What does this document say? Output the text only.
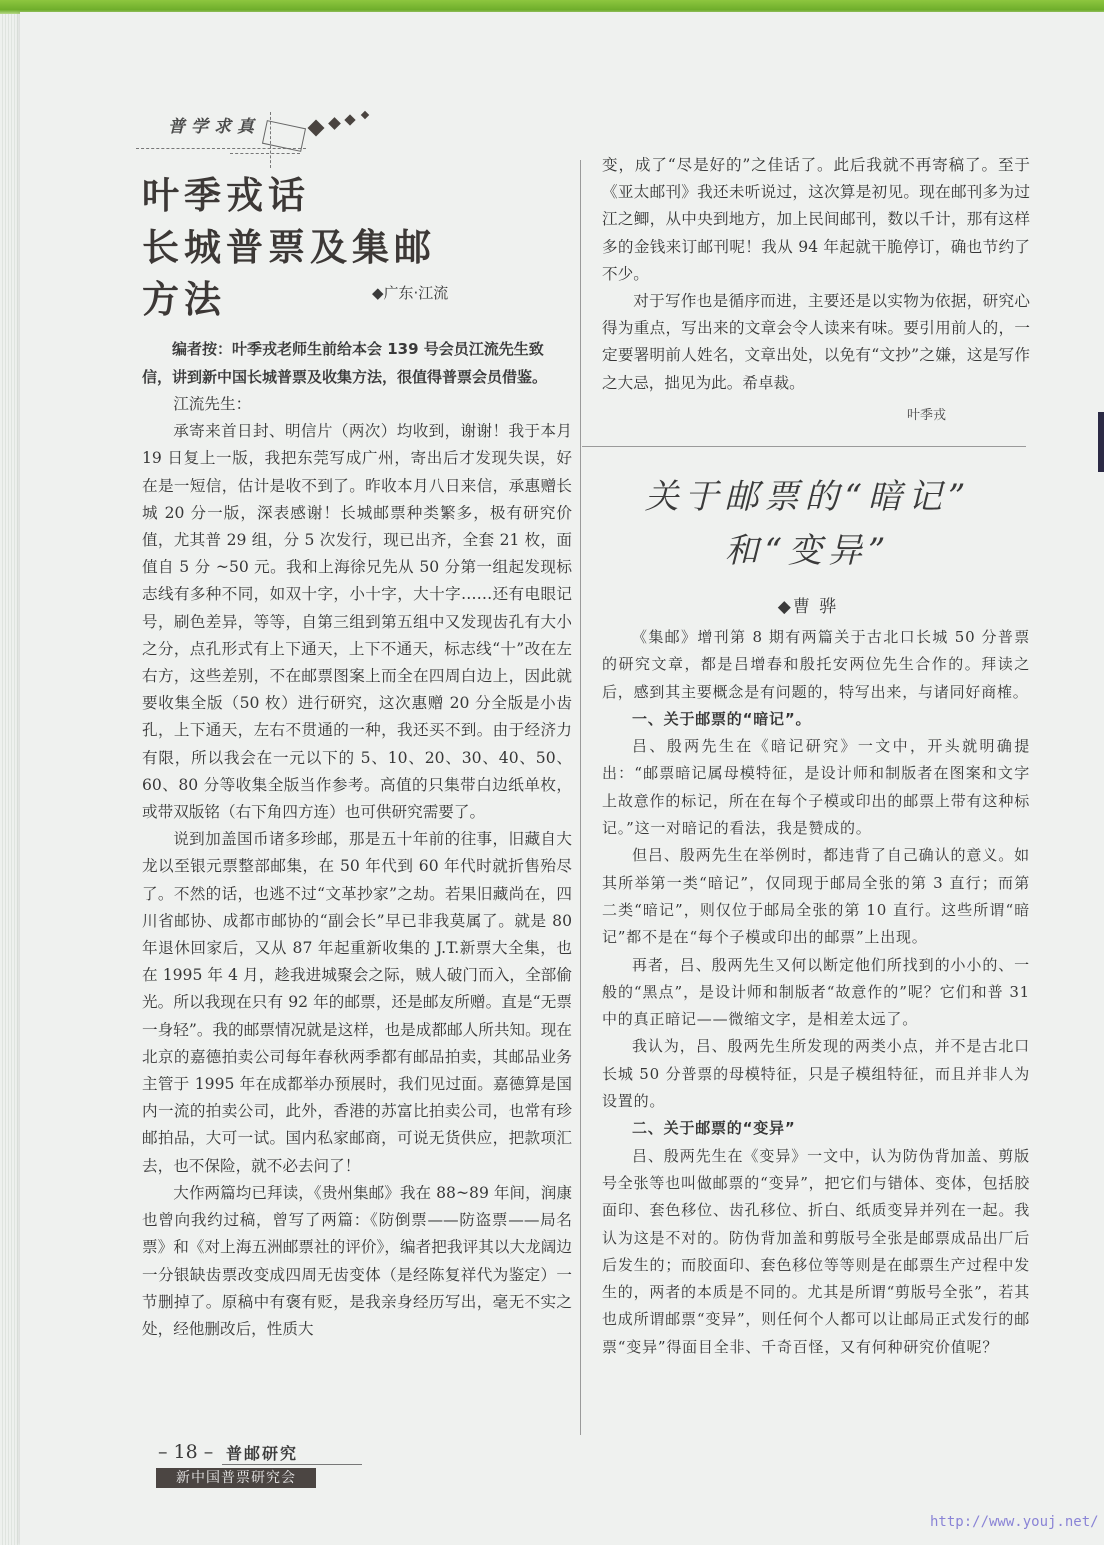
普学求真
叶季戎话
长城普票及集邮
方法	◆广东·江流
编者按：叶季戎老师生前给本会 139 号会员江流先生致信，讲到新中国长城普票及收集方法，很值得普票会员借鉴。

江流先生：

承寄来首日封、明信片（两次）均收到，谢谢！我于本月 19 日复上一版，我把东莞写成广州，寄出后才发现失误，好在是一短信，估计是收不到了。昨收本月八日来信，承惠赠长城 20 分一版，深表感谢！长城邮票种类繁多，极有研究价值，尤其普 29 组，分 5 次发行，现已出齐，全套 21 枚，面值自 5 分 ~50 元。我和上海徐兄先从 50 分第一组起发现标志线有多种不同，如双十字，小十字，大十字……还有电眼记号，刷色差异，等等，自第三组到第五组中又发现齿孔有大小之分，点孔形式有上下通天，上下不通天，标志线“十”改在左右方，这些差别，不在邮票图案上而全在四周白边上，因此就要收集全版（50 枚）进行研究，这次惠赠 20 分全版是小齿孔，上下通天，左右不贯通的一种，我还买不到。由于经济力有限，所以我会在一元以下的 5、10、20、30、40、50、60、80 分等收集全版当作参考。高值的只集带白边纸单枚，或带双版铭（右下角四方连）也可供研究需要了。

说到加盖国币诸多珍邮，那是五十年前的往事，旧藏自大龙以至银元票整部邮集，在 50 年代到 60 年代时就折售殆尽了。不然的话，也逃不过“文革抄家”之劫。若果旧藏尚在，四川省邮协、成都市邮协的“副会长”早已非我莫属了。就是 80 年退休回家后，又从 87 年起重新收集的 J.T.新票大全集，也在 1995 年 4 月，趁我进城聚会之际，贼人破门而入，全部偷光。所以我现在只有 92 年的邮票，还是邮友所赠。直是“无票一身轻”。我的邮票情况就是这样，也是成都邮人所共知。现在北京的嘉德拍卖公司每年春秋两季都有邮品拍卖，其邮品业务主管于 1995 年在成都举办预展时，我们见过面。嘉德算是国内一流的拍卖公司，此外，香港的苏富比拍卖公司，也常有珍邮拍品，大可一试。国内私家邮商，可说无货供应，把款项汇去，也不保险，就不必去问了！

大作两篇均已拜读，《贵州集邮》我在 88~89 年间，润康也曾向我约过稿，曾写了两篇：《防倒票——防盗票——局名票》和《对上海五洲邮票社的评价》，编者把我评其以大龙阔边一分银缺齿票改变成四周无齿变体（是经陈复祥代为鉴定）一节删掉了。原稿中有褒有贬，是我亲身经历写出，毫无不实之处，经他删改后，性质大

变，成了“尽是好的”之佳话了。此后我就不再寄稿了。至于《亚太邮刊》我还未听说过，这次算是初见。现在邮刊多为过江之鲫，从中央到地方，加上民间邮刊，数以千计，那有这样多的金钱来订邮刊呢！我从 94 年起就干脆停订，确也节约了不少。

对于写作也是循序而进，主要还是以实物为依据，研究心得为重点，写出来的文章会令人读来有味。要引用前人的，一定要署明前人姓名，文章出处，以免有“文抄”之嫌，这是写作之大忌，拙见为此。希卓裁。

叶季戎
关于邮票的“暗记”
和“变异”
◆曹 骅

《集邮》增刊第 8 期有两篇关于古北口长城 50 分普票的研究文章，都是吕增春和殷托安两位先生合作的。拜读之后，感到其主要概念是有问题的，特写出来，与诸同好商榷。

一、关于邮票的“暗记”。

吕、殷两先生在《暗记研究》一文中，开头就明确提出：“邮票暗记属母模特征，是设计师和制版者在图案和文字上故意作的标记，所在在每个子模或印出的邮票上带有这种标记。”这一对暗记的看法，我是赞成的。

但吕、殷两先生在举例时，都违背了自己确认的意义。如其所举第一类“暗记”，仅同现于邮局全张的第 3 直行；而第二类“暗记”，则仅位于邮局全张的第 10 直行。这些所谓“暗记”都不是在“每个子模或印出的邮票”上出现。

再者，吕、殷两先生又何以断定他们所找到的小小的、一般的“黑点”，是设计师和制版者“故意作的”呢？它们和普 31 中的真正暗记——微缩文字，是相差太远了。

我认为，吕、殷两先生所发现的两类小点，并不是古北口长城 50 分普票的母模特征，只是子模组特征，而且并非人为设置的。

二、关于邮票的“变异”

吕、殷两先生在《变异》一文中，认为防伪背加盖、剪版号全张等也叫做邮票的“变异”，把它们与错体、变体，包括胶面印、套色移位、齿孔移位、折白、纸质变异并列在一起。我认为这是不对的。防伪背加盖和剪版号全张是邮票成品出厂后后发生的；而胶面印、套色移位等等则是在邮票生产过程中发生的，两者的本质是不同的。尤其是所谓“剪版号全张”，若其也成所谓邮票“变异”，则任何个人都可以让邮局正式发行的邮票“变异”得面目全非、千奇百怪，又有何种研究价值呢？

– 18 – 普邮研究
新中国普票研究会
http://www.youj.net/
